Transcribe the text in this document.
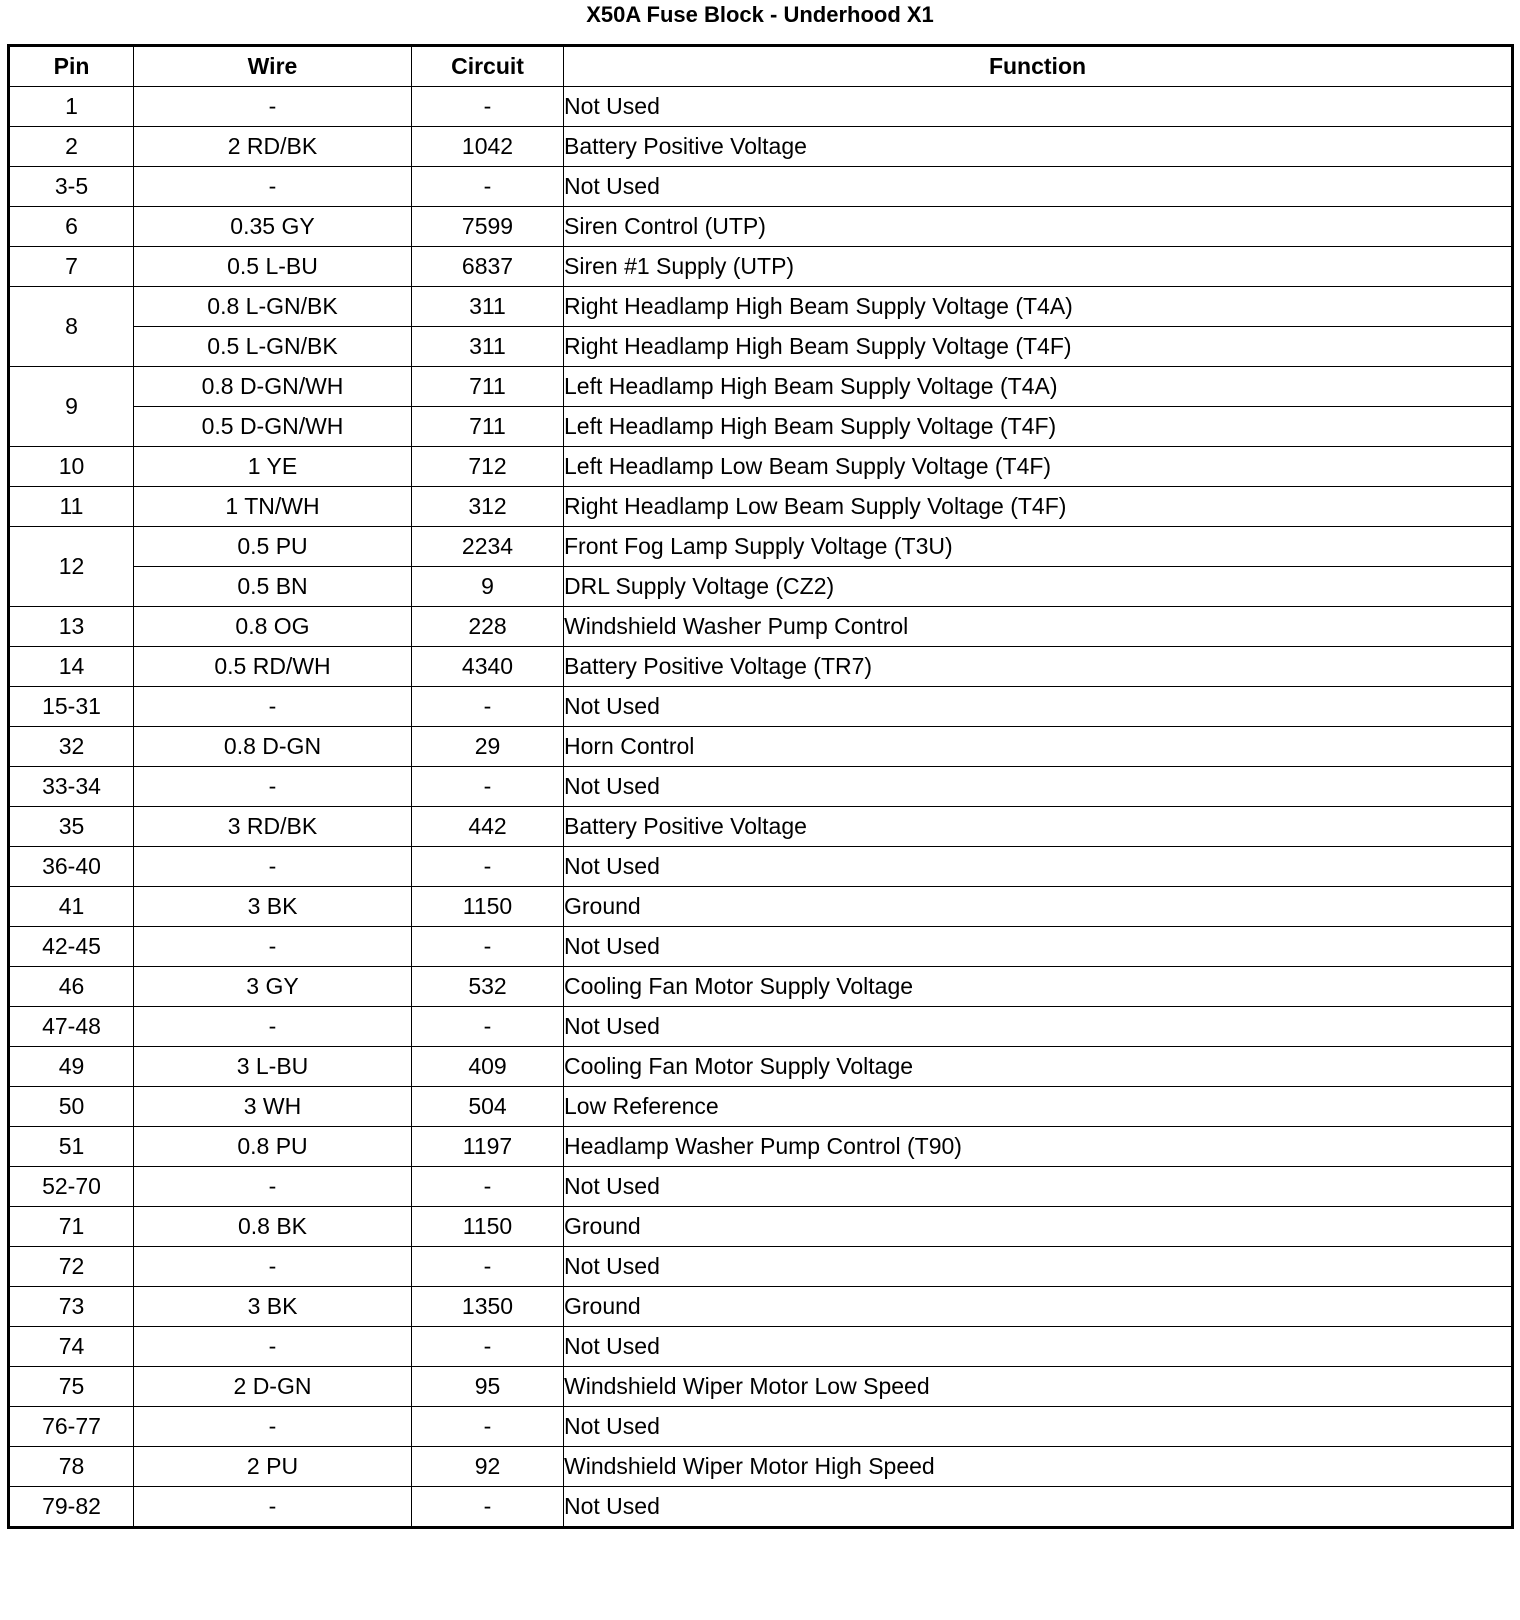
X50A Fuse Block - Underhood X1
Pin	Wire	Circuit	Function
1	-	-	Not Used
2	2 RD/BK	1042	Battery Positive Voltage
3-5	-	-	Not Used
6	0.35 GY	7599	Siren Control (UTP)
7	0.5 L-BU	6837	Siren #1 Supply (UTP)
8	0.8 L-GN/BK	311	Right Headlamp High Beam Supply Voltage (T4A)
	0.5 L-GN/BK	311	Right Headlamp High Beam Supply Voltage (T4F)
9	0.8 D-GN/WH	711	Left Headlamp High Beam Supply Voltage (T4A)
	0.5 D-GN/WH	711	Left Headlamp High Beam Supply Voltage (T4F)
10	1 YE	712	Left Headlamp Low Beam Supply Voltage (T4F)
11	1 TN/WH	312	Right Headlamp Low Beam Supply Voltage (T4F)
12	0.5 PU	2234	Front Fog Lamp Supply Voltage (T3U)
	0.5 BN	9	DRL Supply Voltage (CZ2)
13	0.8 OG	228	Windshield Washer Pump Control
14	0.5 RD/WH	4340	Battery Positive Voltage (TR7)
15-31	-	-	Not Used
32	0.8 D-GN	29	Horn Control
33-34	-	-	Not Used
35	3 RD/BK	442	Battery Positive Voltage
36-40	-	-	Not Used
41	3 BK	1150	Ground
42-45	-	-	Not Used
46	3 GY	532	Cooling Fan Motor Supply Voltage
47-48	-	-	Not Used
49	3 L-BU	409	Cooling Fan Motor Supply Voltage
50	3 WH	504	Low Reference
51	0.8 PU	1197	Headlamp Washer Pump Control (T90)
52-70	-	-	Not Used
71	0.8 BK	1150	Ground
72	-	-	Not Used
73	3 BK	1350	Ground
74	-	-	Not Used
75	2 D-GN	95	Windshield Wiper Motor Low Speed
76-77	-	-	Not Used
78	2 PU	92	Windshield Wiper Motor High Speed
79-82	-	-	Not Used
